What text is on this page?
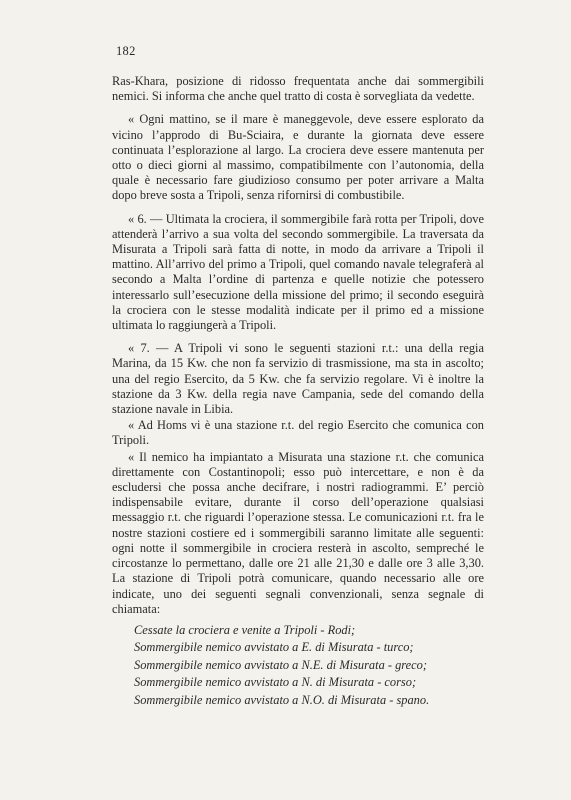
182

Ras-Khara, posizione di ridosso frequentata anche dai sommergibili nemici. Si informa che anche quel tratto di costa è sorvegliata da vedette.

« Ogni mattino, se il mare è maneggevole, deve essere esplorato da vicino l’approdo di Bu-Sciaira, e durante la giornata deve essere continuata l’esplorazione al largo. La crociera deve essere mantenuta per otto o dieci giorni al massimo, compatibilmente con l’autonomia, della quale è necessario fare giudizioso consumo per poter arrivare a Malta dopo breve sosta a Tripoli, senza rifornirsi di combustibile.

« 6. — Ultimata la crociera, il sommergibile farà rotta per Tripoli, dove attenderà l’arrivo a sua volta del secondo sommergibile. La traversata da Misurata a Tripoli sarà fatta di notte, in modo da arrivare a Tripoli il mattino. All’arrivo del primo a Tripoli, quel comando navale telegraferà al secondo a Malta l’ordine di partenza e quelle notizie che potessero interessarlo sull’esecuzione della missione del primo; il secondo eseguirà la crociera con le stesse modalità indicate per il primo ed a missione ultimata lo raggiungerà a Tripoli.

« 7. — A Tripoli vi sono le seguenti stazioni r.t.: una della regia Marina, da 15 Kw. che non fa servizio di trasmissione, ma sta in ascolto; una del regio Esercito, da 5 Kw. che fa servizio regolare. Vi è inoltre la stazione da 3 Kw. della regia nave Campania, sede del comando della stazione navale in Libia.

« Ad Homs vi è una stazione r.t. del regio Esercito che comunica con Tripoli.

« Il nemico ha impiantato a Misurata una stazione r.t. che comunica direttamente con Costantinopoli; esso può intercettare, e non è da escludersi che possa anche decifrare, i nostri radiogrammi. E’ perciò indispensabile evitare, durante il corso dell’operazione qualsiasi messaggio r.t. che riguardi l’operazione stessa. Le comunicazioni r.t. fra le nostre stazioni costiere ed i sommergibili saranno limitate alle seguenti: ogni notte il sommergibile in crociera resterà in ascolto, sempreché le circostanze lo permettano, dalle ore 21 alle 21,30 e dalle ore 3 alle 3,30. La stazione di Tripoli potrà comunicare, quando necessario alle ore indicate, uno dei seguenti segnali convenzionali, senza segnale di chiamata:

Cessate la crociera e venite a Tripoli - Rodi;
Sommergibile nemico avvistato a E. di Misurata - turco;
Sommergibile nemico avvistato a N.E. di Misurata - greco;
Sommergibile nemico avvistato a N. di Misurata - corso;
Sommergibile nemico avvistato a N.O. di Misurata - spano.
